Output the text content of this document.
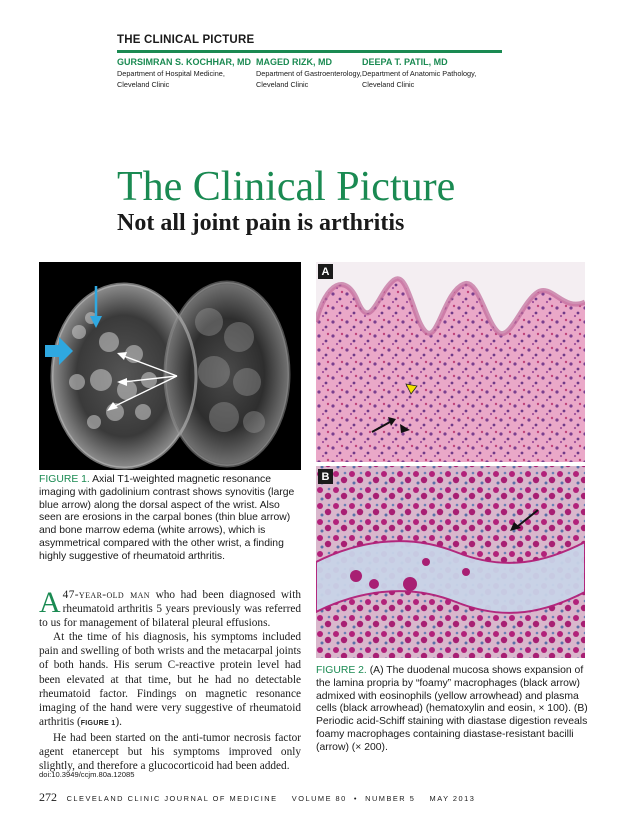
THE CLINICAL PICTURE
GURSIMRAN S. KOCHHAR, MD
Department of Hospital Medicine,
Cleveland Clinic
MAGED RIZK, MD
Department of Gastroenterology,
Cleveland Clinic
DEEPA T. PATIL, MD
Department of Anatomic Pathology,
Cleveland Clinic
The Clinical Picture
Not all joint pain is arthritis
A
B
FIGURE 1. Axial T1-weighted magnetic resonance imaging with gadolinium contrast shows synovitis (large blue arrow) along the dorsal aspect of the wrist. Also seen are erosions in the carpal bones (thin blue arrow) and bone marrow edema (white arrows), which is asymmetrical compared with the other wrist, a finding highly suggestive of rheumatoid arthritis.
FIGURE 2. (A) The duodenal mucosa shows expansion of the lamina propria by “foamy” macrophages (black arrow) admixed with eosinophils (yellow arrowhead) and plasma cells (black arrowhead) (hematoxylin and eosin, × 100). (B) Periodic acid-Schiff staining with diastase digestion reveals foamy macrophages containing diastase-resistant bacilli (arrow) (× 200).

A 47-year-old man who had been diagnosed with rheumatoid arthritis 5 years previously was referred to us for management of bilateral pleural effusions.

At the time of his diagnosis, his symptoms included pain and swelling of both wrists and the metacarpal joints of both hands. His serum C-reactive protein level had been elevated at that time, but he had no detectable rheumatoid factor. Findings on magnetic resonance imaging of the hand were very suggestive of rheumatoid arthritis (FIGURE 1).

He had been started on the anti-tumor necrosis factor agent etanercept but his symptoms improved only slightly, and therefore a glucocorticoid had been added.

doi:10.3949/ccjm.80a.12085
272 CLEVELAND CLINIC JOURNAL OF MEDICINE VOLUME 80 • NUMBER 5 MAY 2013
